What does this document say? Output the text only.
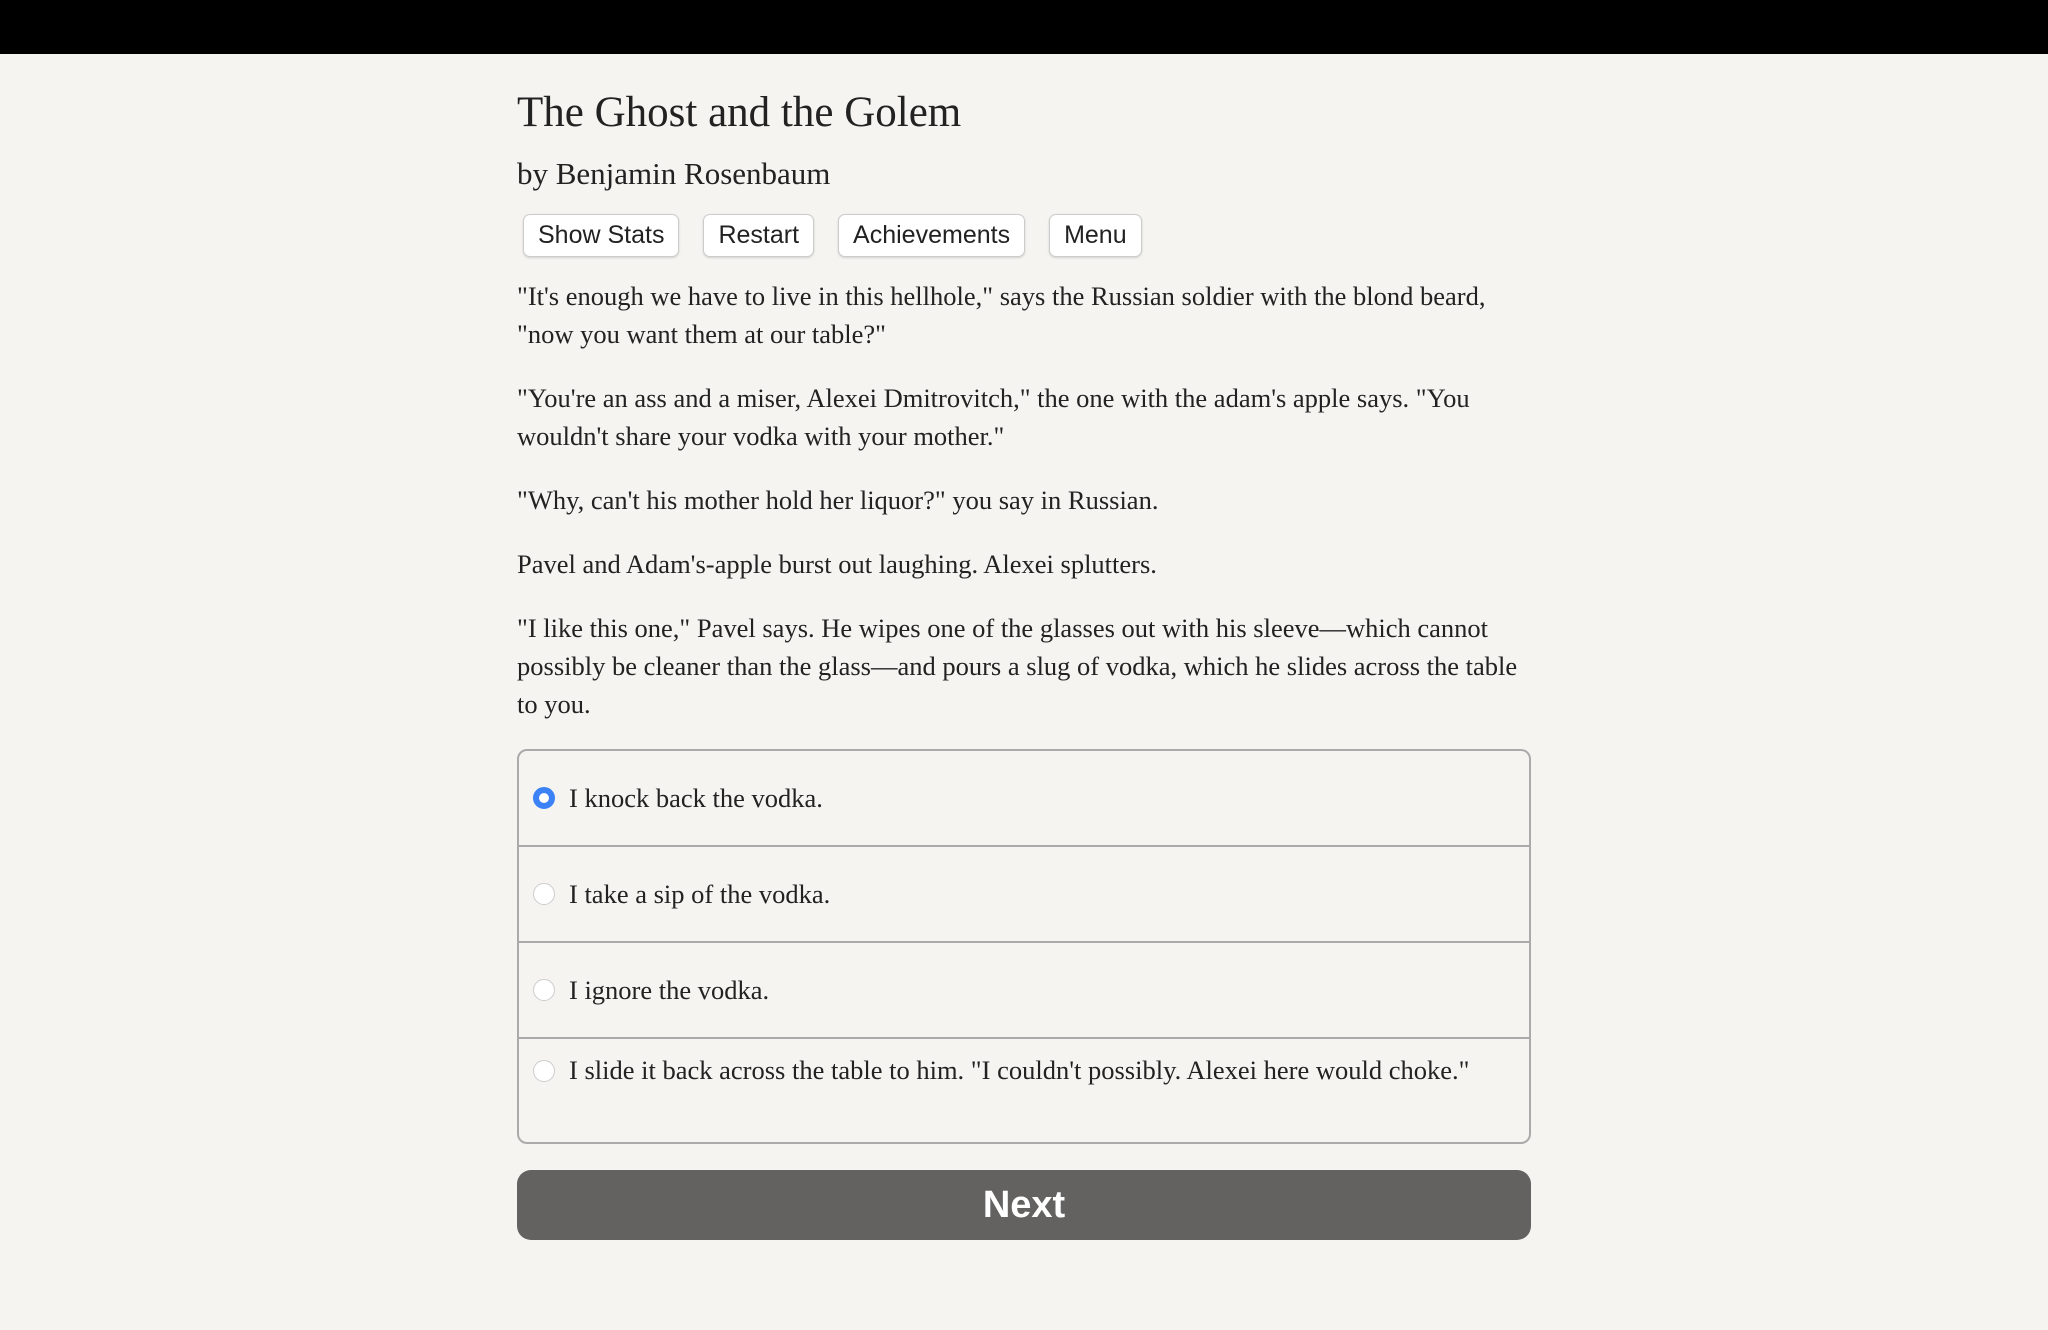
The Ghost and the Golem
by Benjamin Rosenbaum
Show Stats	Restart	Achievements	Menu

"It's enough we have to live in this hellhole," says the Russian soldier with the blond beard, "now you want them at our table?"

"You're an ass and a miser, Alexei Dmitrovitch," the one with the adam's apple says. "You wouldn't share your vodka with your mother."

"Why, can't his mother hold her liquor?" you say in Russian.

Pavel and Adam's-apple burst out laughing. Alexei splutters.

"I like this one," Pavel says. He wipes one of the glasses out with his sleeve—which cannot possibly be cleaner than the glass—and pours a slug of vodka, which he slides across the table to you.

I knock back the vodka.
I take a sip of the vodka.
I ignore the vodka.
I slide it back across the table to him. "I couldn't possibly. Alexei here would choke."
Next
